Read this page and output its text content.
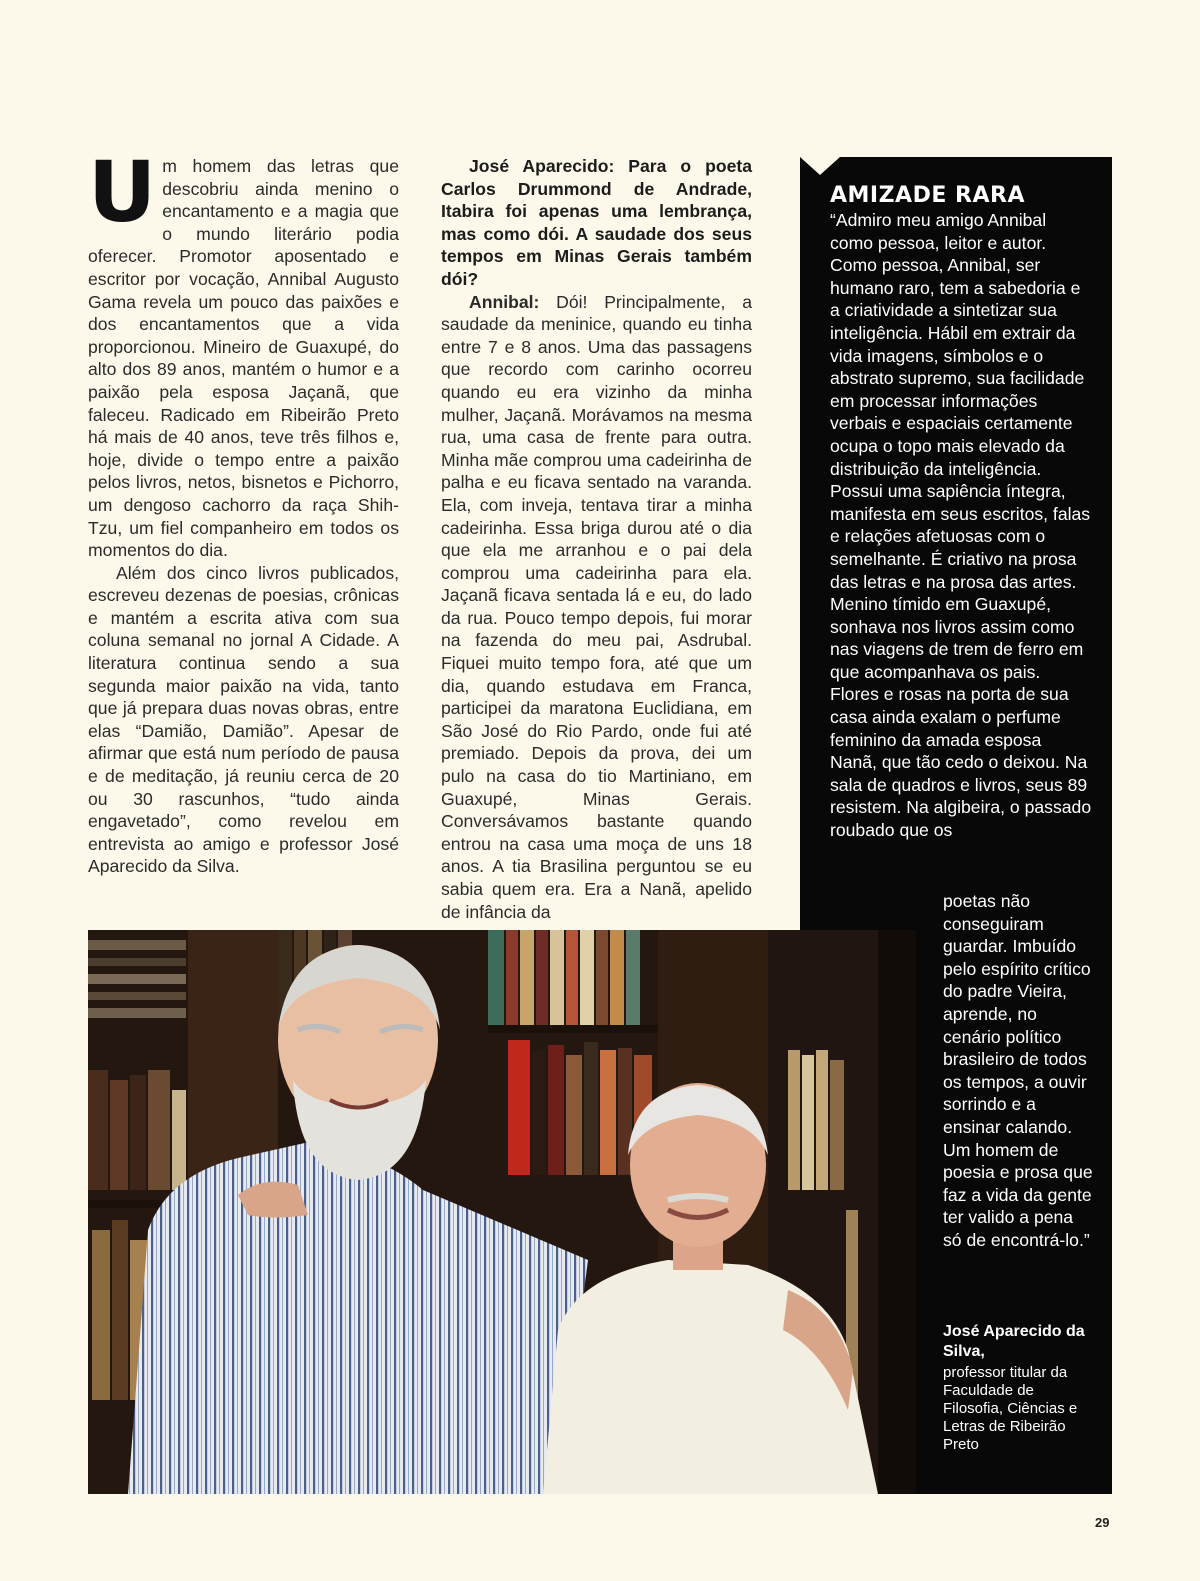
Um homem das letras que descobriu ainda menino o encantamento e a magia que o mundo literário podia oferecer. Promotor aposentado e escritor por vocação, Annibal Augusto Gama revela um pouco das paixões e dos encantamentos que a vida proporcionou. Mineiro de Guaxupé, do alto dos 89 anos, mantém o humor e a paixão pela esposa Jaçanã, que faleceu. Radicado em Ribeirão Preto há mais de 40 anos, teve três filhos e, hoje, divide o tempo entre a paixão pelos livros, netos, bisnetos e Pichorro, um dengoso cachorro da raça Shih-Tzu, um fiel companheiro em todos os momentos do dia.

Além dos cinco livros publicados, escreveu dezenas de poesias, crônicas e mantém a escrita ativa com sua coluna semanal no jornal A Cidade. A literatura continua sendo a sua segunda maior paixão na vida, tanto que já prepara duas novas obras, entre elas “Damião, Damião”. Apesar de afirmar que está num período de pausa e de meditação, já reuniu cerca de 20 ou 30 rascunhos, “tudo ainda engavetado”, como revelou em entrevista ao amigo e professor José Aparecido da Silva.

José Aparecido: Para o poeta Carlos Drummond de Andrade, Itabira foi apenas uma lembrança, mas como dói. A saudade dos seus tempos em Minas Gerais também dói?

Annibal: Dói! Principalmente, a saudade da meninice, quando eu tinha entre 7 e 8 anos. Uma das passagens que recordo com carinho ocorreu quando eu era vizinho da minha mulher, Jaçanã. Morávamos na mesma rua, uma casa de frente para outra. Minha mãe comprou uma cadeirinha de palha e eu ficava sentado na varanda. Ela, com inveja, tentava tirar a minha cadeirinha. Essa briga durou até o dia que ela me arranhou e o pai dela comprou uma cadeirinha para ela. Jaçanã ficava sentada lá e eu, do lado da rua. Pouco tempo depois, fui morar na fazenda do meu pai, Asdrubal. Fiquei muito tempo fora, até que um dia, quando estudava em Franca, participei da maratona Euclidiana, em São José do Rio Pardo, onde fui até premiado. Depois da prova, dei um pulo na casa do tio Martiniano, em Guaxupé, Minas Gerais. Conversávamos bastante quando entrou na casa uma moça de uns 18 anos. A tia Brasilina perguntou se eu sabia quem era. Era a Nanã, apelido de infância da

AMIZADE RARA

“Admiro meu amigo Annibal como pessoa, leitor e autor. Como pessoa, Annibal, ser humano raro, tem a sabedoria e a criatividade a sintetizar sua inteligência. Hábil em extrair da vida imagens, símbolos e o abstrato supremo, sua facilidade em processar informações verbais e espaciais certamente ocupa o topo mais elevado da distribuição da inteligência. Possui uma sapiência íntegra, manifesta em seus escritos, falas e relações afetuosas com o semelhante. É criativo na prosa das letras e na prosa das artes. Menino tímido em Guaxupé, sonhava nos livros assim como nas viagens de trem de ferro em que acompanhava os pais. Flores e rosas na porta de sua casa ainda exalam o perfume feminino da amada esposa Nanã, que tão cedo o deixou. Na sala de quadros e livros, seus 89 resistem. Na algibeira, o passado roubado que os

poetas não conseguiram guardar. Imbuído pelo espírito crítico do padre Vieira, aprende, no cenário político brasileiro de todos os tempos, a ouvir sorrindo e a ensinar calando. Um homem de poesia e prosa que faz a vida da gente ter valido a pena só de encontrá-lo.”

José Aparecido da Silva,
professor titular da Faculdade de Filosofia, Ciências e Letras de Ribeirão Preto
29
